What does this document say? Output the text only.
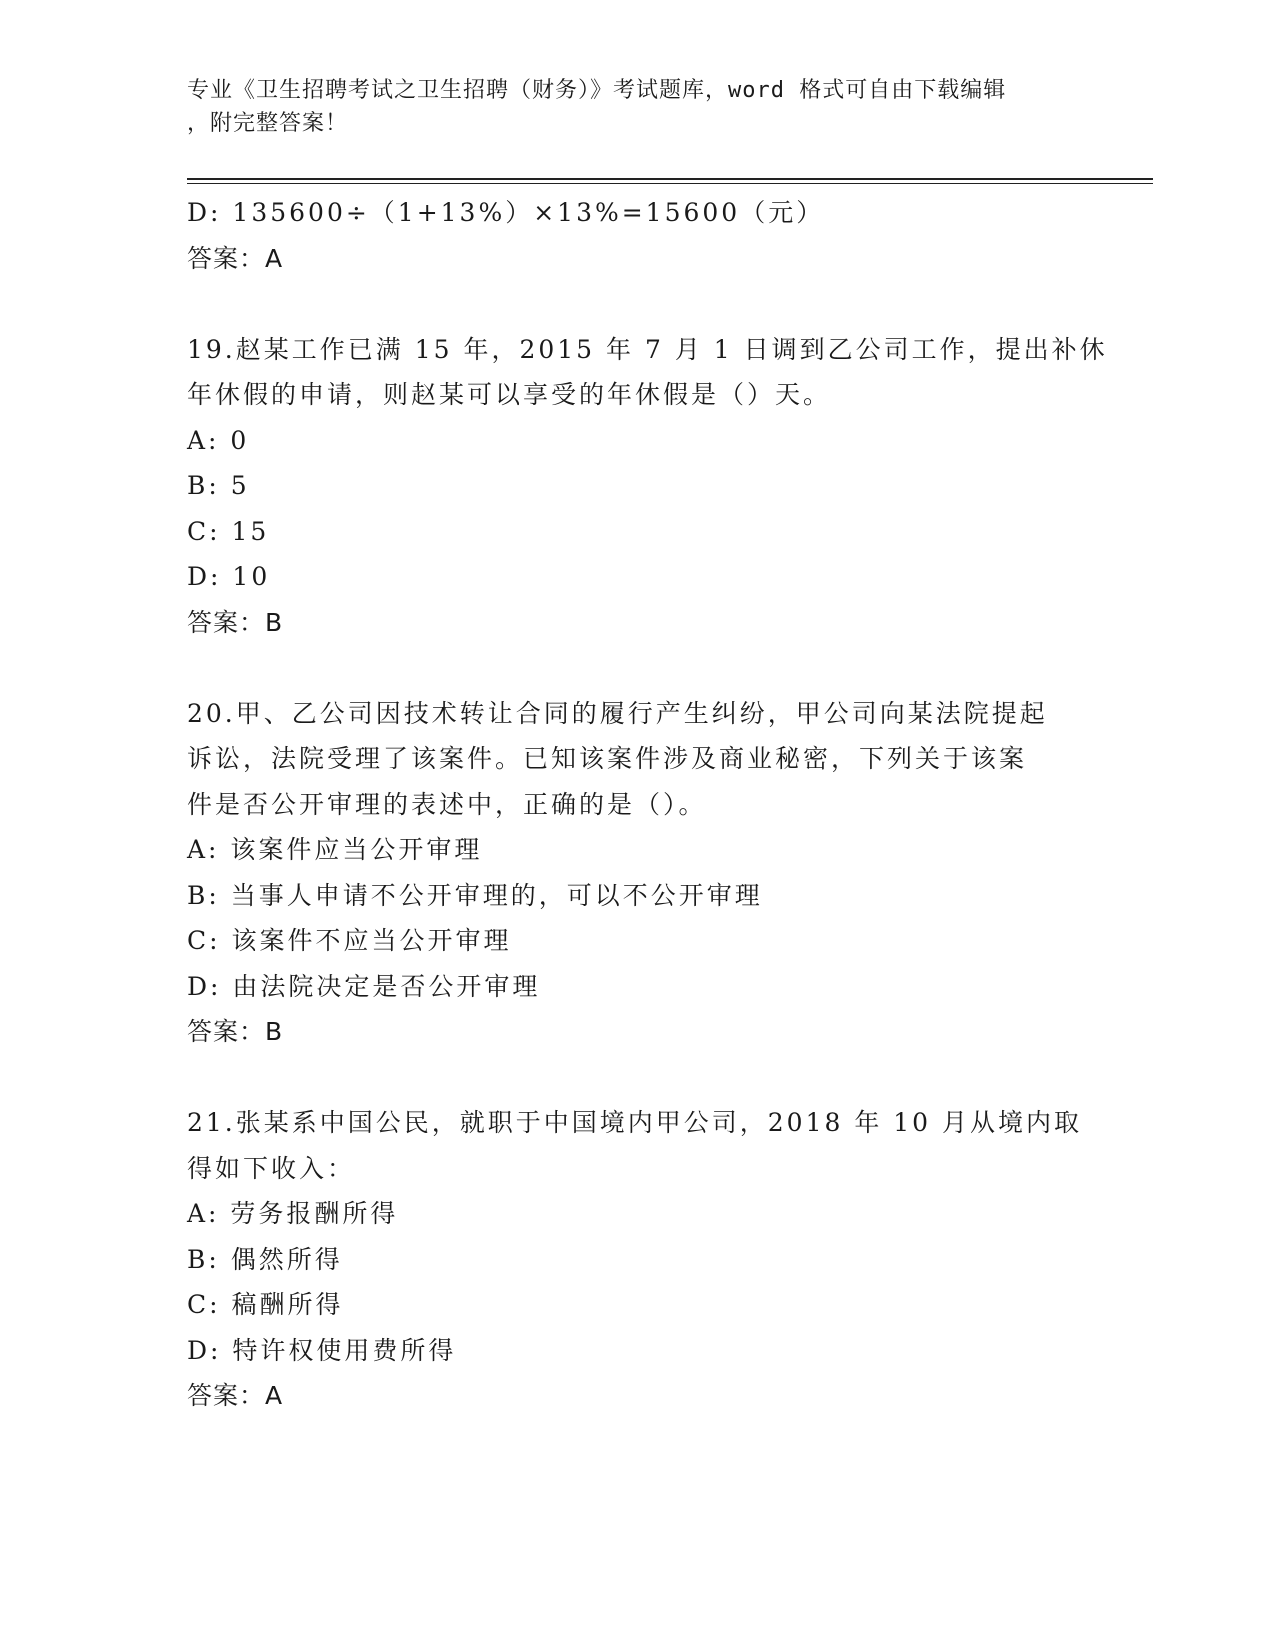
专业《卫生招聘考试之卫生招聘（财务）》考试题库，word 格式可自由下载编辑
，附完整答案！
D: 135600÷（1+13%）×13%=15600（元）
答案：A
19.赵某工作已满 15 年，2015 年 7 月 1 日调到乙公司工作，提出补休
年休假的申请，则赵某可以享受的年休假是（）天。
A: 0
B: 5
C: 15
D: 10
答案：B
20.甲、乙公司因技术转让合同的履行产生纠纷，甲公司向某法院提起
诉讼，法院受理了该案件。已知该案件涉及商业秘密，下列关于该案
件是否公开审理的表述中，正确的是（）。
A: 该案件应当公开审理
B: 当事人申请不公开审理的，可以不公开审理
C: 该案件不应当公开审理
D: 由法院决定是否公开审理
答案：B
21.张某系中国公民，就职于中国境内甲公司，2018 年 10 月从境内取
得如下收入：
A: 劳务报酬所得
B: 偶然所得
C: 稿酬所得
D: 特许权使用费所得
答案：A
